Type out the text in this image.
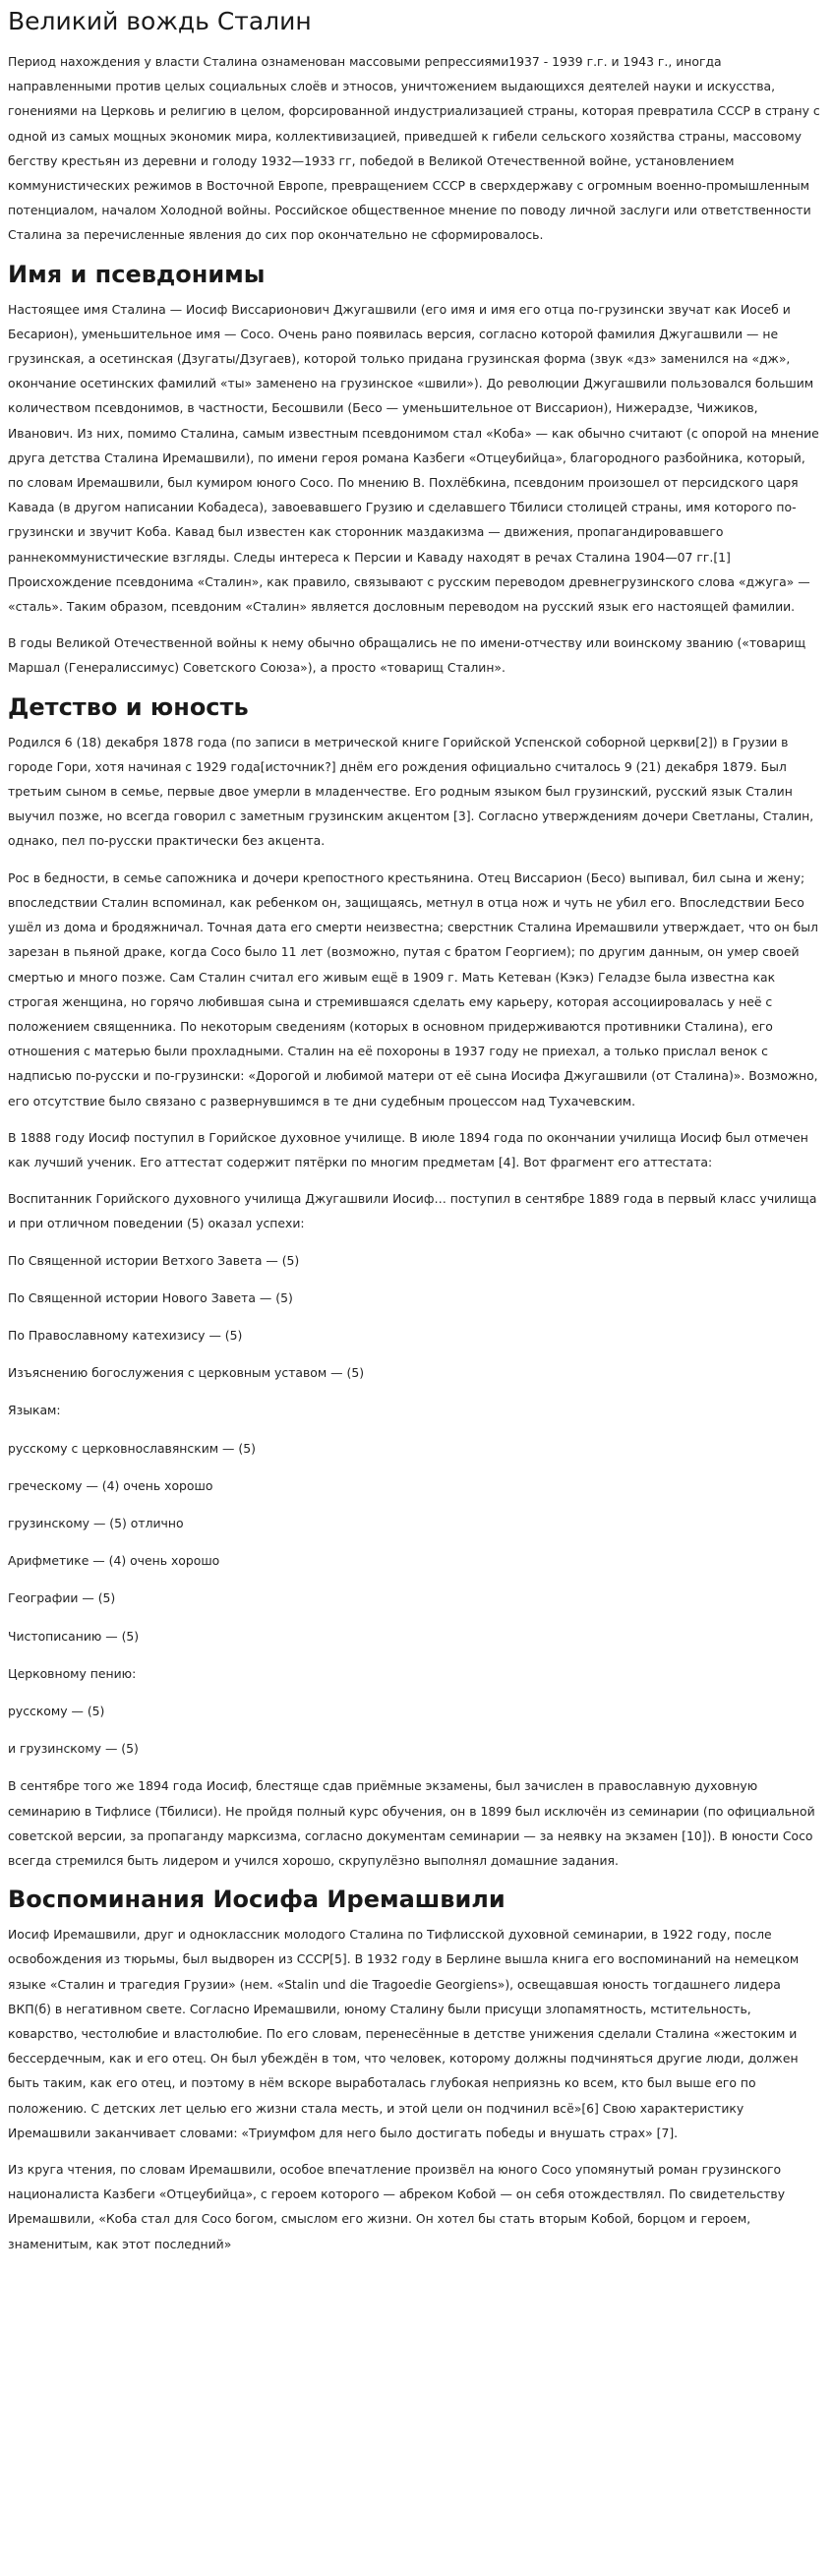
Великий вождь Сталин

Период нахождения у власти Сталина ознаменован массовыми репрессиями1937 - 1939 г.г. и 1943 г., иногда направленными против целых социальных слоёв и этносов, уничтожением выдающихся деятелей науки и искусства, гонениями на Церковь и религию в целом, форсированной индустриализацией страны, которая превратила СССР в страну с одной из самых мощных экономик мира, коллективизацией, приведшей к гибели сельского хозяйства страны, массовому бегству крестьян из деревни и голоду 1932—1933 гг, победой в Великой Отечественной войне, установлением коммунистических режимов в Восточной Европе, превращением СССР в сверхдержаву с огромным военно-промышленным потенциалом, началом Холодной войны. Российское общественное мнение по поводу личной заслуги или ответственности Сталина за перечисленные явления до сих пор окончательно не сформировалось.

Имя и псевдонимы

Настоящее имя Сталина — Иосиф Виссарионович Джугашвили (его имя и имя его отца по-грузински звучат как Иосеб и Бесарион), уменьшительное имя — Сосо. Очень рано появилась версия, согласно которой фамилия Джугашвили — не грузинская, а осетинская (Дзугаты/Дзугаев), которой только придана грузинская форма (звук «дз» заменился на «дж», окончание осетинских фамилий «ты» заменено на грузинское «швили»). До революции Джугашвили пользовался большим количеством псевдонимов, в частности, Бесошвили (Бесо — уменьшительное от Виссарион), Нижерадзе, Чижиков, Иванович. Из них, помимо Сталина, самым известным псевдонимом стал «Коба» — как обычно считают (с опорой на мнение друга детства Сталина Иремашвили), по имени героя романа Казбеги «Отцеубийца», благородного разбойника, который, по словам Иремашвили, был кумиром юного Сосо. По мнению В. Похлёбкина, псевдоним произошел от персидского царя Кавада (в другом написании Кобадеса), завоевавшего Грузию и сделавшего Тбилиси столицей страны, имя которого по-грузински и звучит Коба. Кавад был известен как сторонник маздакизма — движения, пропагандировавшего раннекоммунистические взгляды. Следы интереса к Персии и Каваду находят в речах Сталина 1904—07 гг.[1] Происхождение псевдонима «Сталин», как правило, связывают с русским переводом древнегрузинского слова «джуга» — «сталь». Таким образом, псевдоним «Сталин» является дословным переводом на русский язык его настоящей фамилии.

В годы Великой Отечественной войны к нему обычно обращались не по имени-отчеству или воинскому званию («товарищ Маршал (Генералиссимус) Советского Союза»), а просто «товарищ Сталин».

Детство и юность

Родился 6 (18) декабря 1878 года (по записи в метрической книге Горийской Успенской соборной церкви[2]) в Грузии в городе Гори, хотя начиная с 1929 года[источник?] днём его рождения официально считалось 9 (21) декабря 1879. Был третьим сыном в семье, первые двое умерли в младенчестве. Его родным языком был грузинский, русский язык Сталин выучил позже, но всегда говорил с заметным грузинским акцентом [3]. Согласно утверждениям дочери Светланы, Сталин, однако, пел по-русски практически без акцента.

Рос в бедности, в семье сапожника и дочери крепостного крестьянина. Отец Виссарион (Бесо) выпивал, бил сына и жену; впоследствии Сталин вспоминал, как ребенком он, защищаясь, метнул в отца нож и чуть не убил его. Впоследствии Бесо ушёл из дома и бродяжничал. Точная дата его смерти неизвестна; сверстник Сталина Иремашвили утверждает, что он был зарезан в пьяной драке, когда Сосо было 11 лет (возможно, путая с братом Георгием); по другим данным, он умер своей смертью и много позже. Сам Сталин считал его живым ещё в 1909 г. Мать Кетеван (Кэкэ) Геладзе была известна как строгая женщина, но горячо любившая сына и стремившаяся сделать ему карьеру, которая ассоциировалась у неё с положением священника. По некоторым сведениям (которых в основном придерживаются противники Сталина), его отношения с матерью были прохладными. Сталин на её похороны в 1937 году не приехал, а только прислал венок с надписью по-русски и по-грузински: «Дорогой и любимой матери от её сына Иосифа Джугашвили (от Сталина)». Возможно, его отсутствие было связано с развернувшимся в те дни судебным процессом над Тухачевским.

В 1888 году Иосиф поступил в Горийское духовное училище. В июле 1894 года по окончании училища Иосиф был отмечен как лучший ученик. Его аттестат содержит пятёрки по многим предметам [4]. Вот фрагмент его аттестата:

Воспитанник Горийского духовного училища Джугашвили Иосиф… поступил в сентябре 1889 года в первый класс училища и при отличном поведении (5) оказал успехи:

По Священной истории Ветхого Завета — (5)

По Священной истории Нового Завета — (5)

По Православному катехизису — (5)

Изъяснению богослужения с церковным уставом — (5)

Языкам:

русскому с церковнославянским — (5)

греческому — (4) очень хорошо

грузинскому — (5) отлично

Арифметике — (4) очень хорошо

Географии — (5)

Чистописанию — (5)

Церковному пению:

русскому — (5)

и грузинскому — (5)

В сентябре того же 1894 года Иосиф, блестяще сдав приёмные экзамены, был зачислен в православную духовную семинарию в Тифлисе (Тбилиси). Не пройдя полный курс обучения, он в 1899 был исключён из семинарии (по официальной советской версии, за пропаганду марксизма, согласно документам семинарии — за неявку на экзамен [10]). В юности Сосо всегда стремился быть лидером и учился хорошо, скрупулёзно выполнял домашние задания.

Воспоминания Иосифа Иремашвили

Иосиф Иремашвили, друг и одноклассник молодого Сталина по Тифлисской духовной семинарии, в 1922 году, после освобождения из тюрьмы, был выдворен из СССР[5]. В 1932 году в Берлине вышла книга его воспоминаний на немецком языке «Сталин и трагедия Грузии» (нем. «Stalin und die Tragoedie Georgiens»), освещавшая юность тогдашнего лидера ВКП(б) в негативном свете. Согласно Иремашвили, юному Сталину были присущи злопамятность, мстительность, коварство, честолюбие и властолюбие. По его словам, перенесённые в детстве унижения сделали Сталина «жестоким и бессердечным, как и его отец. Он был убеждён в том, что человек, которому должны подчиняться другие люди, должен быть таким, как его отец, и поэтому в нём вскоре выработалась глубокая неприязнь ко всем, кто был выше его по положению. С детских лет целью его жизни стала месть, и этой цели он подчинил всё»[6] Свою характеристику Иремашвили заканчивает словами: «Триумфом для него было достигать победы и внушать страх» [7].

Из круга чтения, по словам Иремашвили, особое впечатление произвёл на юного Сосо упомянутый роман грузинского националиста Казбеги «Отцеубийца», с героем которого — абреком Кобой — он себя отождествлял. По свидетельству Иремашвили, «Коба стал для Сосо богом, смыслом его жизни. Он хотел бы стать вторым Кобой, борцом и героем, знаменитым, как этот последний»
